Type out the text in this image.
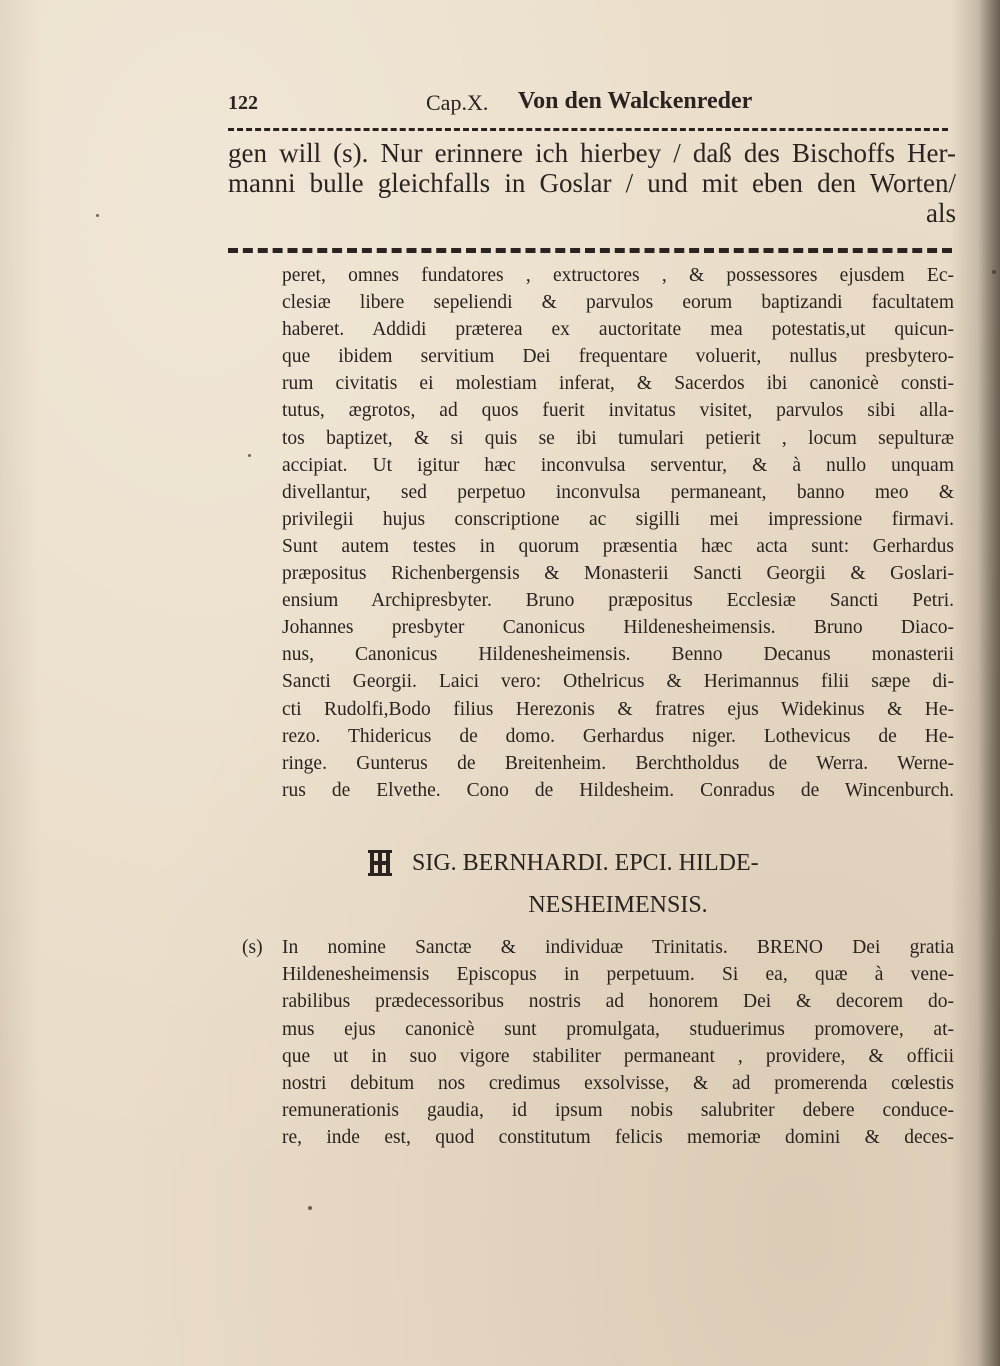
122	Cap.X. Von den Walckenreder
gen will (s). Nur erinnere ich hierbey / daß des Bischoffs Her-
manni bulle gleichfalls in Goslar / und mit eben den Worten/
als
peret, omnes fundatores , extructores , & possessores ejusdem Ec-
clesiæ libere sepeliendi & parvulos eorum baptizandi facultatem
haberet. Addidi præterea ex auctoritate mea potestatis,ut quicun-
que ibidem servitium Dei frequentare voluerit, nullus presbytero-
rum civitatis ei molestiam inferat, & Sacerdos ibi canonicè consti-
tutus, ægrotos, ad quos fuerit invitatus visitet, parvulos sibi alla-
tos baptizet, & si quis se ibi tumulari petierit , locum sepulturæ
accipiat. Ut igitur hæc inconvulsa serventur, & à nullo unquam
divellantur, sed perpetuo inconvulsa permaneant, banno meo &
privilegii hujus conscriptione ac sigilli mei impressione firmavi.
Sunt autem testes in quorum præsentia hæc acta sunt: Gerhardus
præpositus Richenbergensis & Monasterii Sancti Georgii & Goslari-
ensium Archipresbyter. Bruno præpositus Ecclesiæ Sancti Petri.
Johannes presbyter Canonicus Hildenesheimensis. Bruno Diaco-
nus, Canonicus Hildenesheimensis. Benno Decanus monasterii
Sancti Georgii. Laici vero: Othelricus & Herimannus filii sæpe di-
cti Rudolfi,Bodo filius Herezonis & fratres ejus Widekinus & He-
rezo. Thidericus de domo. Gerhardus niger. Lothevicus de He-
ringe. Gunterus de Breitenheim. Berchtholdus de Werra. Werne-
rus de Elvethe. Cono de Hildesheim. Conradus de Wincenburch.
SIG. BERNHARDI. EPCI. HILDE-
NESHEIMENSIS.
(s) In nomine Sanctæ & individuæ Trinitatis. BRENO Dei gratia
Hildenesheimensis Episcopus in perpetuum. Si ea, quæ à vene-
rabilibus prædecessoribus nostris ad honorem Dei & decorem do-
mus ejus canonicè sunt promulgata, studuerimus promovere, at-
que ut in suo vigore stabiliter permaneant , providere, & officii
nostri debitum nos credimus exsolvisse, & ad promerenda cœlestis
remunerationis gaudia, id ipsum nobis salubriter debere conduce-
re, inde est, quod constitutum felicis memoriæ domini & deces-
